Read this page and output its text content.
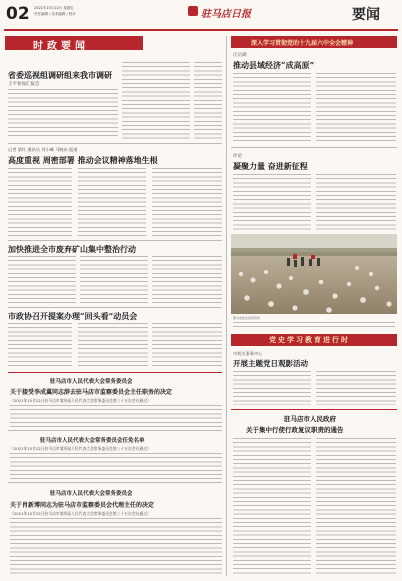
02 2021年10月22日 星期五
责任编辑 / 美术编辑 / 校对	驻马店日报	要闻
时政要闻
省委巡视组调研组来我市调研
王平参加汇报会
记者 梁红 通讯员 刘小峰 马晓东 报道
高度重视 周密部署 推动会议精神落地生根
加快推进全市废弃矿山集中整治行动
市政协召开提案办理“回头看”动员会
驻马店市人民代表大会常务委员会
关于接受李成翼同志辞去驻马店市监察委员会主任职务的决定
（2021年10月22日驻马店市第四届人民代表大会常务委员会第三十五次会议通过）
驻马店市人民代表大会常务委员会任免名单
（2021年10月22日驻马店市第四届人民代表大会常务委员会第三十五次会议通过）
驻马店市人民代表大会常务委员会
关于肖新博同志为驻马店市监察委员会代理主任的决定
（2021年10月22日驻马店市第四届人民代表大会常务委员会第三十五次会议通过）
深入学习贯彻党的十九届六中全会精神
庄岳湖
推动县域经济“成高原”
评论
凝聚力量 奋进新征程
图为农民在田间劳作。
党史学习教育进行时
市机关事务中心
开展主题党日观影活动
驻马店市人民政府
关于集中行使行政复议职责的通告
